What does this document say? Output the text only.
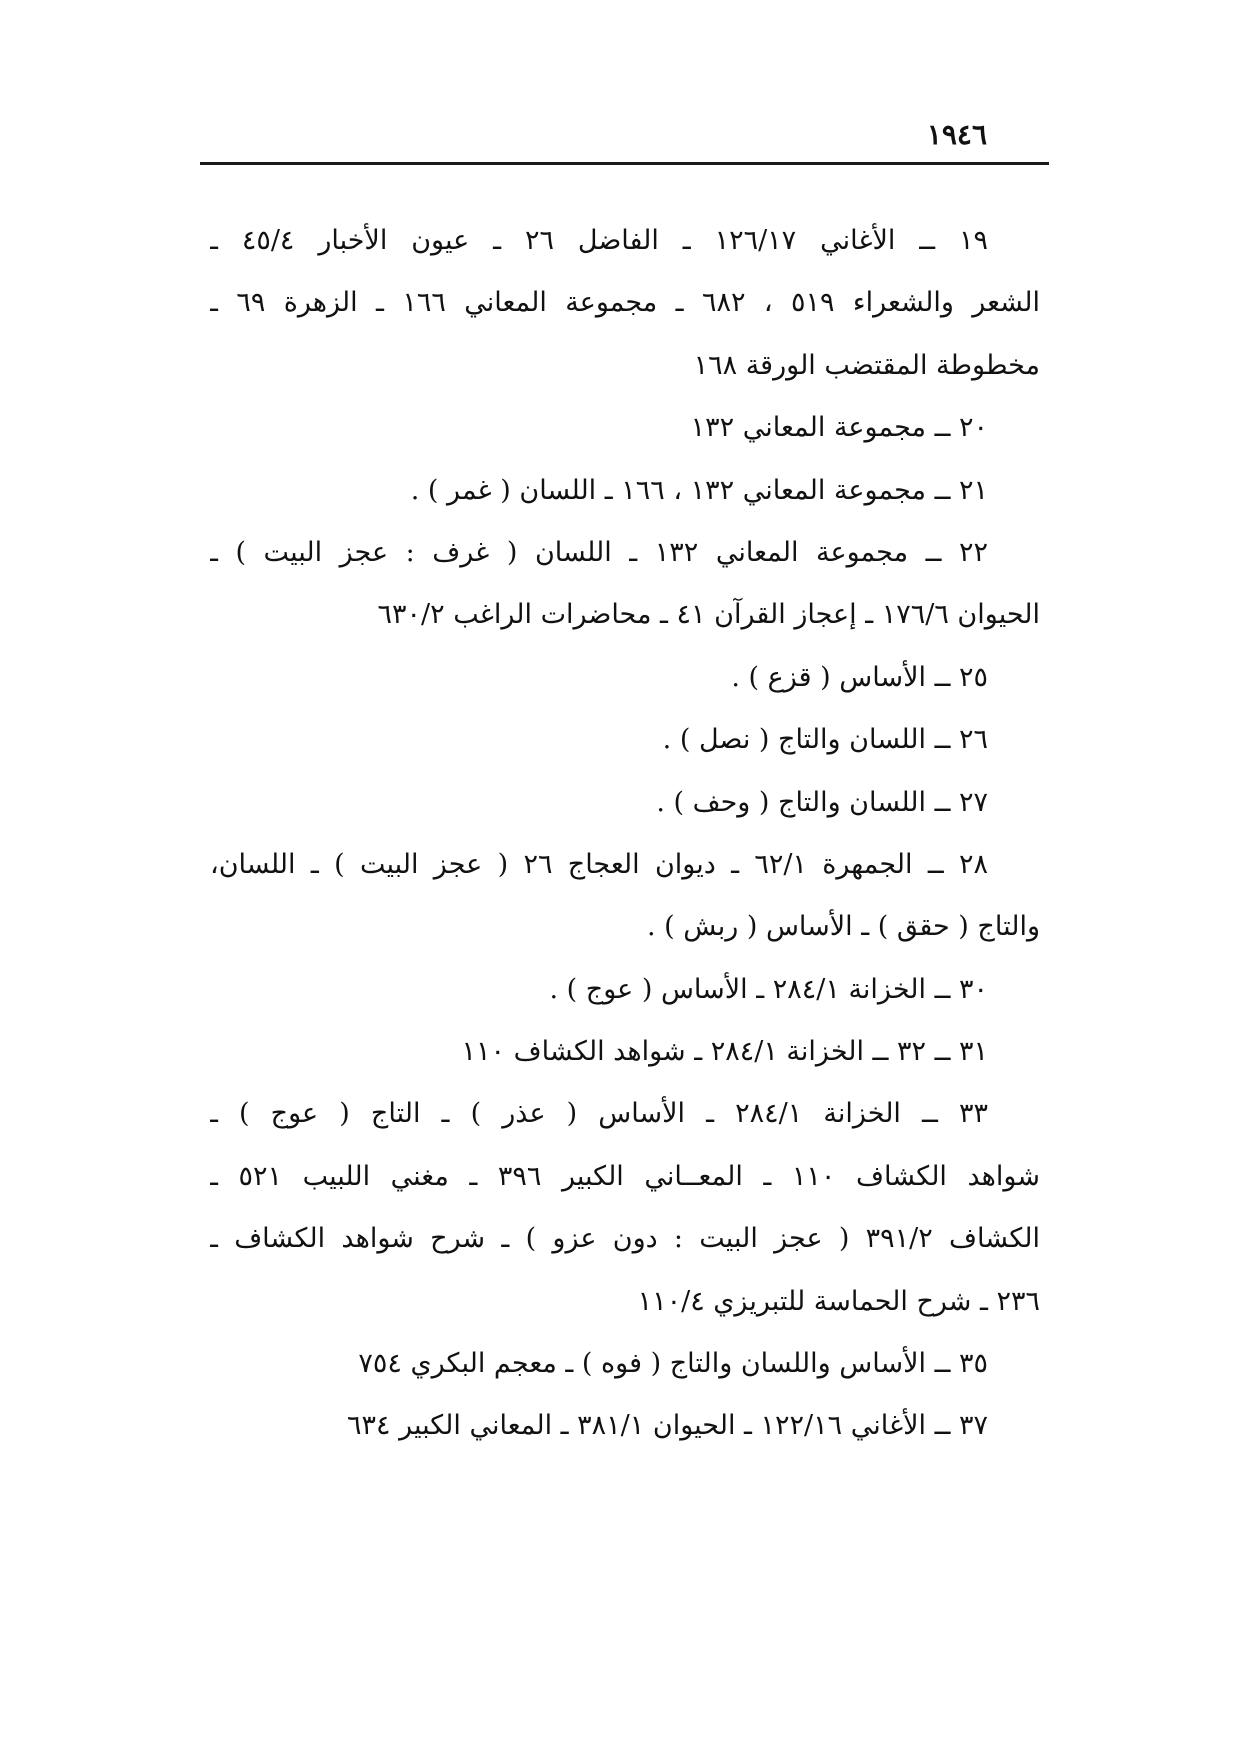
١٩٤٦
١٩ ــ الأغاني ١٢٦/١٧ ـ الفاضل ٢٦ ـ عيون الأخبار ٤٥/٤ ـ
الشعر والشعراء ٥١٩ ، ٦٨٢ ـ مجموعة المعاني ١٦٦ ـ الزهرة ٦٩ ـ
مخطوطة المقتضب الورقة ١٦٨
٢٠ ــ مجموعة المعاني ١٣٢
٢١ ــ مجموعة المعاني ١٣٢ ، ١٦٦ ـ اللسان ( غمر ) .
٢٢ ــ مجموعة المعاني ١٣٢ ـ اللسان ( غرف : عجز البيت ) ـ
الحيوان ١٧٦/٦ ـ إعجاز القرآن ٤١ ـ محاضرات الراغب ٦٣٠/٢
٢٥ ــ الأساس ( قزع ) .
٢٦ ــ اللسان والتاج ( نصل ) .
٢٧ ــ اللسان والتاج ( وحف ) .
٢٨ ــ الجمهرة ٦٢/١ ـ ديوان العجاج ٢٦ ( عجز البيت ) ـ اللسان،
والتاج ( حقق ) ـ الأساس ( ربش ) .
٣٠ ــ الخزانة ٢٨٤/١ ـ الأساس ( عوج ) .
٣١ ــ ٣٢ ــ الخزانة ٢٨٤/١ ـ شواهد الكشاف ١١٠
٣٣ ــ الخزانة ٢٨٤/١ ـ الأساس ( عذر ) ـ التاج ( عوج ) ـ
شواهد الكشاف ١١٠ ـ المعــاني الكبير ٣٩٦ ـ مغني اللبيب ٥٢١ ـ
الكشاف ٣٩١/٢ ( عجز البيت : دون عزو ) ـ شرح شواهد الكشاف ـ
٢٣٦ ـ شرح الحماسة للتبريزي ١١٠/٤
٣٥ ــ الأساس واللسان والتاج ( فوه ) ـ معجم البكري ٧٥٤
٣٧ ــ الأغاني ١٢٢/١٦ ـ الحيوان ٣٨١/١ ـ المعاني الكبير ٦٣٤
